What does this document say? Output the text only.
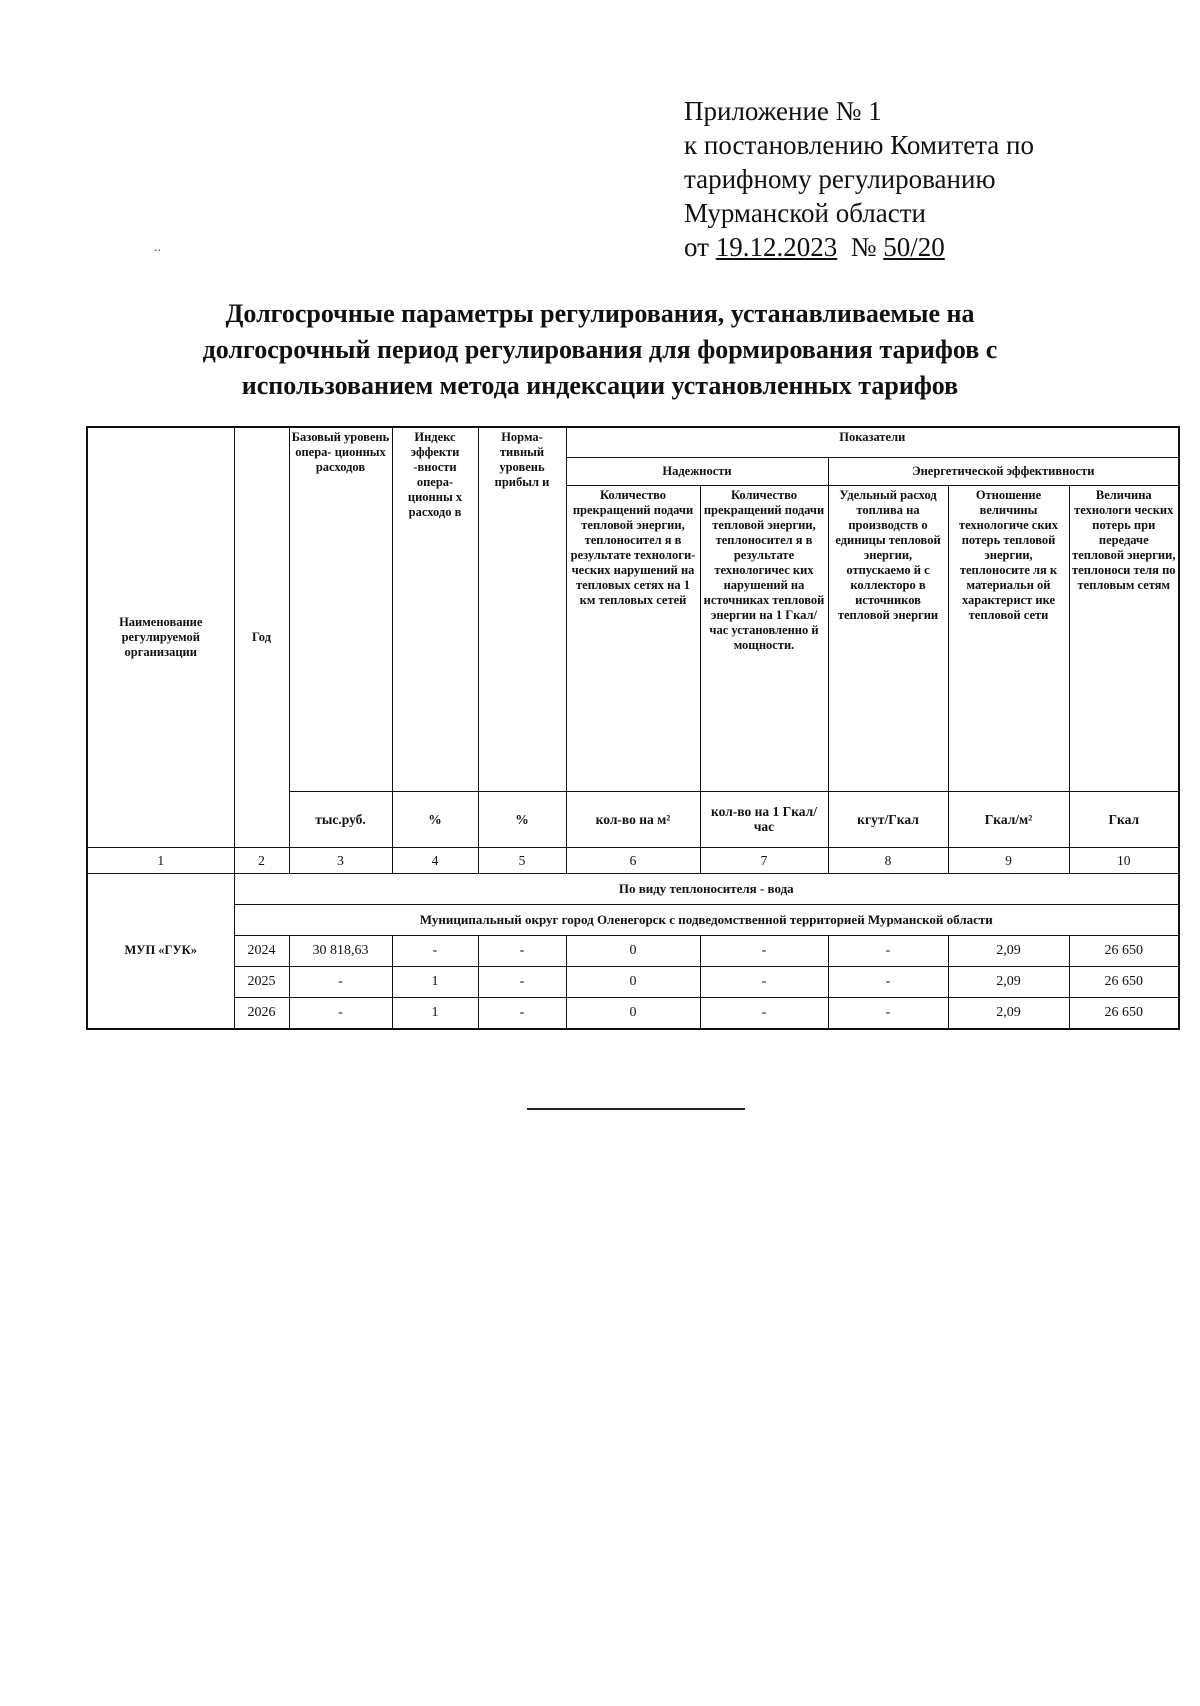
..
Приложение № 1
к постановлению Комитета по
тарифному регулированию
Мурманской области
от 19.12.2023 № 50/20
Долгосрочные параметры регулирования, устанавливаемые на
долгосрочный период регулирования для формирования тарифов с
использованием метода индексации установленных тарифов
Наименование регулируемой организации	Год	Базовый уровень опера- ционных расходов	Индекс эффекти -вности опера- ционны х расходо в	Норма- тивный уровень прибыл и	Показатели				
					Надежности		Энергетической эффективности		
					Количество прекращений подачи тепловой энергии, теплоносител я в результате технологи- ческих нарушений на тепловых сетях на 1 км тепловых сетей	Количество прекращений подачи тепловой энергии, теплоносител я в результате технологичес ких нарушений на источниках тепловой энергии на 1 Гкал/час установленно й мощности.	Удельный расход топлива на производств о единицы тепловой энергии, отпускаемо й с коллекторо в источников тепловой энергии	Отношение величины технологиче ских потерь тепловой энергии, теплоносите ля к материальн ой характерист ике тепловой сети	Величина технологи ческих потерь при передаче тепловой энергии, теплоноси теля по тепловым сетям
		тыс.руб.	%	%	кол-во на м²	кол-во на 1 Гкал/час	кгут/Гкал	Гкал/м²	Гкал
1	2	3	4	5	6	7	8	9	10
МУП «ГУК»	По виду теплоносителя - вода								
	Муниципальный округ город Оленегорск с подведомственной территорией Мурманской области								
	2024	30 818,63	-	-	0	-	-	2,09	26 650
	2025	-	1	-	0	-	-	2,09	26 650
	2026	-	1	-	0	-	-	2,09	26 650
